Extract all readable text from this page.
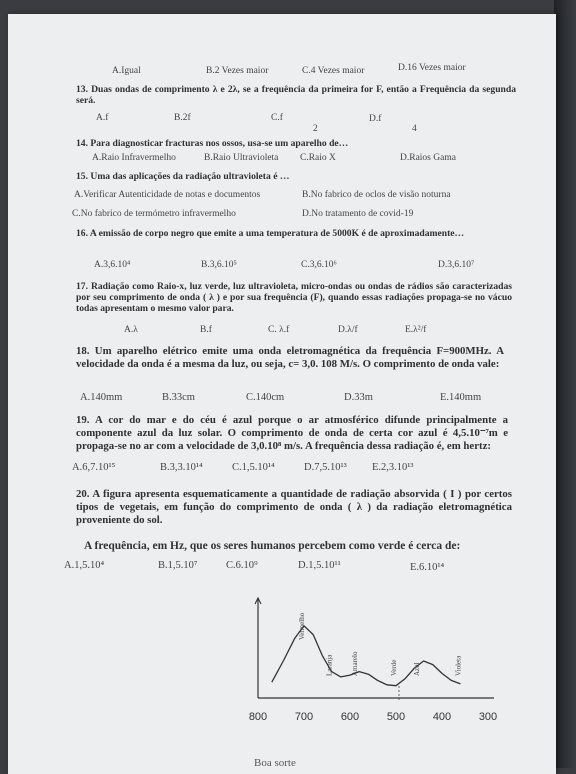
A.Igual	B.2 Vezes maior	C.4 Vezes maior	D.16 Vezes maior
13. Duas ondas de comprimento λ e 2λ, se a frequência da primeira for F, então a Frequência da segunda será.
A.f	B.2f	C.f	D.f
2	4
14. Para diagnosticar fracturas nos ossos, usa-se um aparelho de…
A.Raio Infravermelho	B.Raio Ultravioleta C.Raio X	D.Raios Gama
15. Uma das aplicações da radiação ultravioleta é …
A.Verificar Autenticidade de notas e documentos	B.No fabrico de oclos de visão noturna
C.No fabrico de termómetro infravermelho	D.No tratamento de covid-19
16. A emissão de corpo negro que emite a uma temperatura de 5000K é de aproximadamente…
A.3,6.10⁴	B.3,6.10⁵	C.3,6.10⁶	D.3,6.10⁷
17. Radiação como Raio-x, luz verde, luz ultravioleta, micro-ondas ou ondas de rádios são caracterizadas por seu comprimento de onda ( λ ) e por sua frequência (F), quando essas radiações propaga-se no vácuo todas apresentam o mesmo valor para.
A.λ	B.f	C. λ.f	D.λ/f	E.λ²/f
18. Um aparelho elétrico emite uma onda eletromagnética da frequência F=900MHz. A velocidade da onda é a mesma da luz, ou seja, c= 3,0. 108 M/s. O comprimento de onda vale:
A.140mm	B.33cm	C.140cm	D.33m	E.140mm
19. A cor do mar e do céu é azul porque o ar atmosférico difunde principalmente a componente azul da luz solar. O comprimento de onda de certa cor azul é 4,5.10⁻⁷m e propaga-se no ar com a velocidade de 3,0.10⁸ m/s. A frequência dessa radiação é, em hertz:
A.6,7.10¹⁵	B.3,3.10¹⁴	C.1,5.10¹⁴	D.7,5.10¹³ E.2,3.10¹³
20. A figura apresenta esquematicamente a quantidade de radiação absorvida ( I ) por certos tipos de vegetais, em função do comprimento de onda ( λ ) da radiação eletromagnética proveniente do sol.
A frequência, em Hz, que os seres humanos percebem como verde é cerca de:
A.1,5.10⁴	B.1,5.10⁷	C.6.10⁹	D.1,5.10¹¹	E.6.10¹⁴
800	700	600	500	400	300
Vermelho
Laranja Amarelo	Verde Azul	Violeta
Boa sorte
